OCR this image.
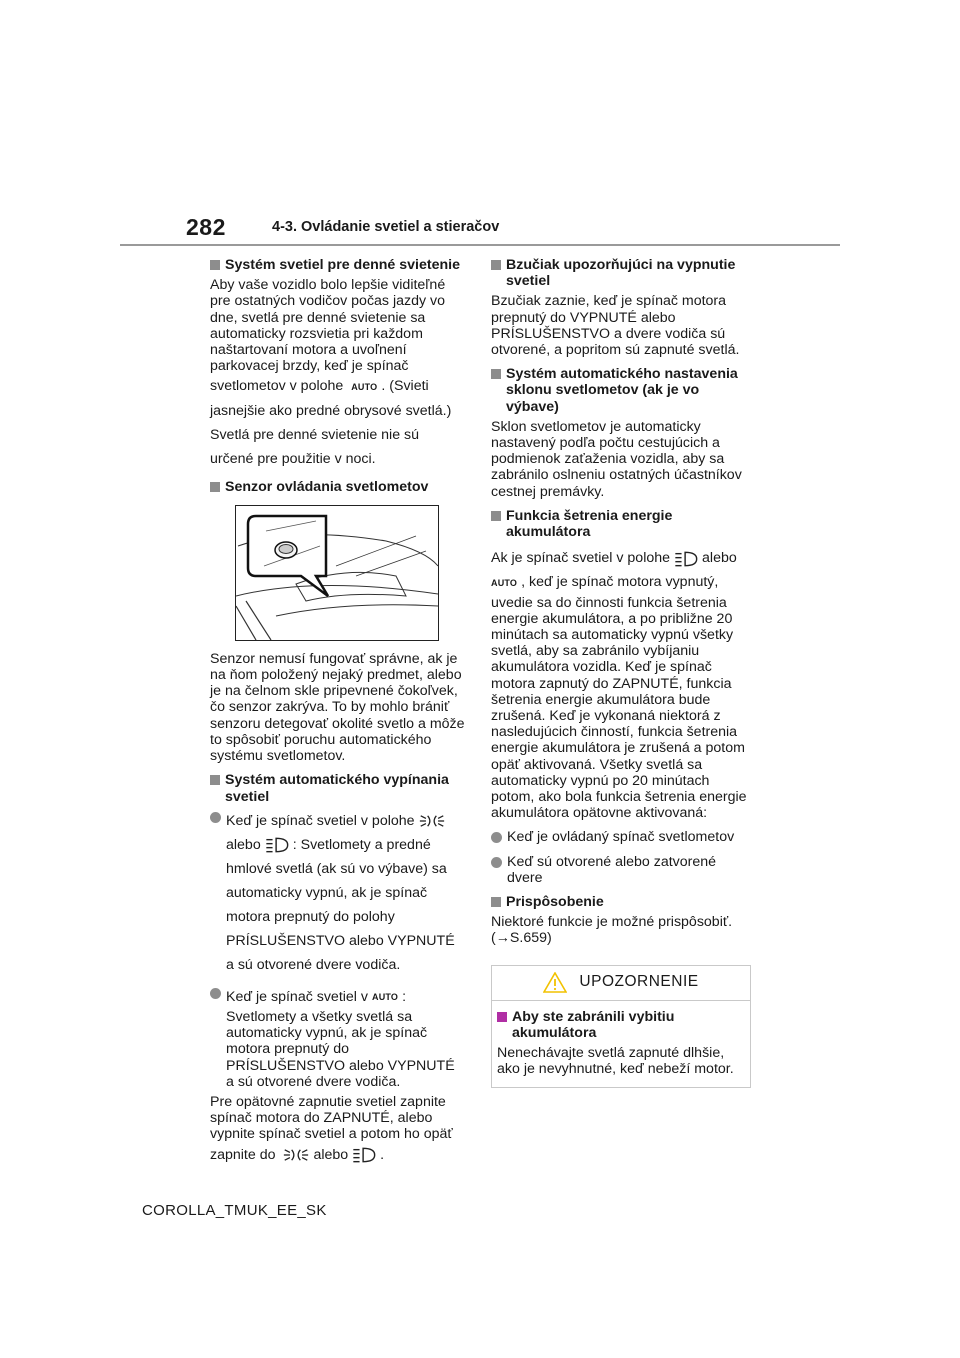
282	4-3. Ovládanie svetiel a stieračov
Systém svetiel pre denné svietenie
Aby vaše vozidlo bolo lepšie viditeľné pre ostatných vodičov počas jazdy vo dne, svetlá pre denné svietenie sa automaticky rozsvietia pri každom naštartovaní motora a uvoľnení parkovacej brzdy, keď je spínač svetlometov v polohe AUTO . (Svieti jasnejšie ako predné obrysové svetlá.) Svetlá pre denné svietenie nie sú určené pre použitie v noci.
Senzor ovládania svetlometov
Senzor nemusí fungovať správne, ak je na ňom položený nejaký predmet, alebo je na čelnom skle pripevnené čokoľvek, čo senzor zakrýva. To by mohlo brániť senzoru detegovať okolité svetlo a môže to spôsobiť poruchu automatického systému svetlometov.
Systém automatického vypínania svetiel
Keď je spínač svetiel v polohe
alebo : Svetlomety a predné hmlové svetlá (ak sú vo výbave) sa automaticky vypnú, ak je spínač motora prepnutý do polohy PRÍSLUŠENSTVO alebo VYPNUTÉ a sú otvorené dvere vodiča.
Keď je spínač svetiel v AUTO : Svetlomety a všetky svetlá sa automaticky vypnú, ak je spínač motora prepnutý do PRÍSLUŠENSTVO alebo VYPNUTÉ a sú otvorené dvere vodiča.
Pre opätovné zapnutie svetiel zapnite spínač motora do ZAPNUTÉ, alebo vypnite spínač svetiel a potom ho opäť zapnite do	alebo .
Bzučiak upozorňujúci na vypnutie svetiel
Bzučiak zaznie, keď je spínač motora prepnutý do VYPNUTÉ alebo PRÍSLUŠENSTVO a dvere vodiča sú otvorené, a popritom sú zapnuté svetlá.
Systém automatického nastavenia sklonu svetlometov (ak je vo výbave)
Sklon svetlometov je automaticky nastavený podľa počtu cestujúcich a podmienok zaťaženia vozidla, aby sa zabránilo oslneniu ostatných účastníkov cestnej premávky.
Funkcia šetrenia energie akumulátora
Ak je spínač svetiel v polohe alebo
AUTO , keď je spínač motora vypnutý, uvedie sa do činnosti funkcia šetrenia energie akumulátora, a po približne 20 minútach sa automaticky vypnú všetky svetlá, aby sa zabránilo vybíjaniu akumulátora vozidla. Keď je spínač motora zapnutý do ZAPNUTÉ, funkcia šetrenia energie akumulátora bude zrušená. Keď je vykonaná niektorá z nasledujúcich činností, funkcia šetrenia energie akumulátora je zrušená a potom opäť aktivovaná. Všetky svetlá sa automaticky vypnú po 20 minútach potom, ako bola funkcia šetrenia energie akumulátora opätovne aktivovaná:
Keď je ovládaný spínač svetlometov
Keď sú otvorené alebo zatvorené dvere
Prispôsobenie
Niektoré funkcie je možné prispôsobiť. (→S.659)
UPOZORNENIE
Aby ste zabránili vybitiu akumulátora
Nenechávajte svetlá zapnuté dlhšie, ako je nevyhnutné, keď nebeží motor.
COROLLA_TMUK_EE_SK
